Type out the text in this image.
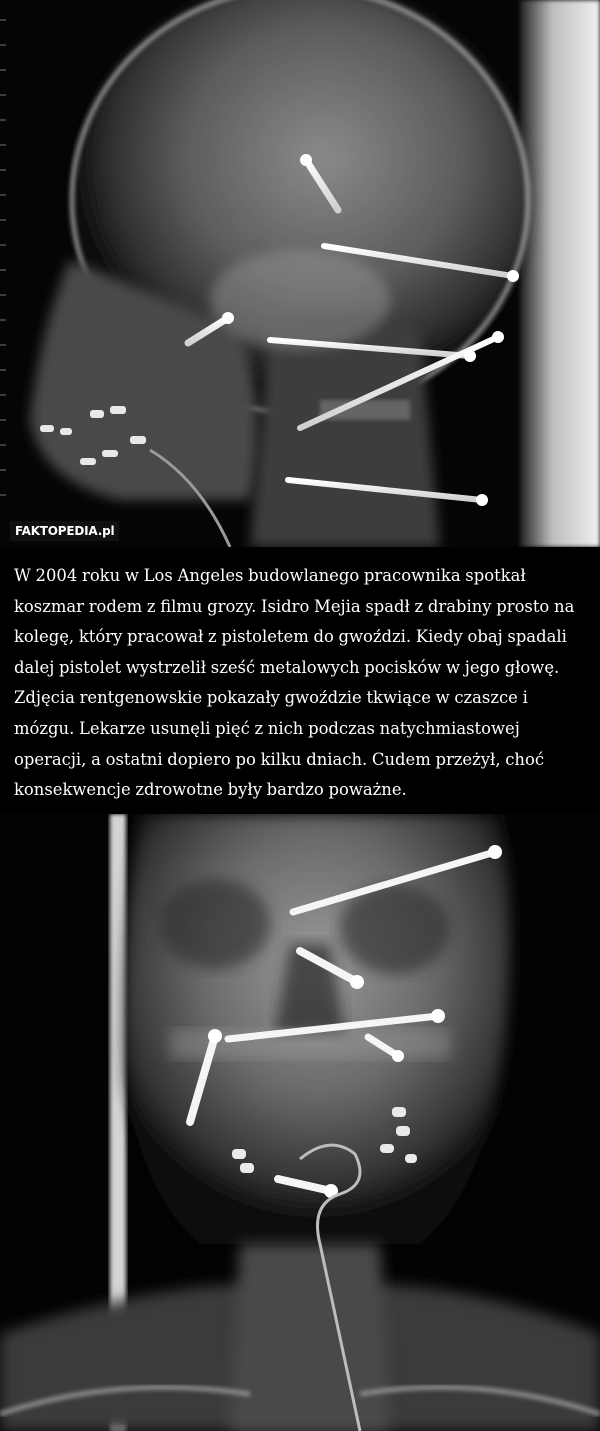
FAKTOPEDIA.pl
W 2004 roku w Los Angeles budowlanego pracownika spotkał koszmar rodem z filmu grozy. Isidro Mejia spadł z drabiny prosto na kolegę, który pracował z pistoletem do gwoździ. Kiedy obaj spadali dalej pistolet wystrzelił sześć metalowych pocisków w jego głowę. Zdjęcia rentgenowskie pokazały gwoździe tkwiące w czaszce i mózgu. Lekarze usunęli pięć z nich podczas natychmiastowej operacji, a ostatni dopiero po kilku dniach. Cudem przeżył, choć konsekwencje zdrowotne były bardzo poważne.
